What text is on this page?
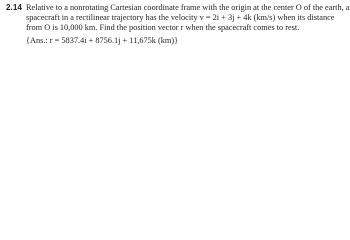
2.14 Relative to a nonrotating Cartesian coordinate frame with the origin at the center O of the earth, a
spacecraft in a rectilinear trajectory has the velocity v = 2i + 3j + 4k (km/s) when its distance
from O is 10,000 km. Find the position vector r when the spacecraft comes to rest.
{Ans.: r = 5837.4i + 8756.1j + 11,675k (km)}
